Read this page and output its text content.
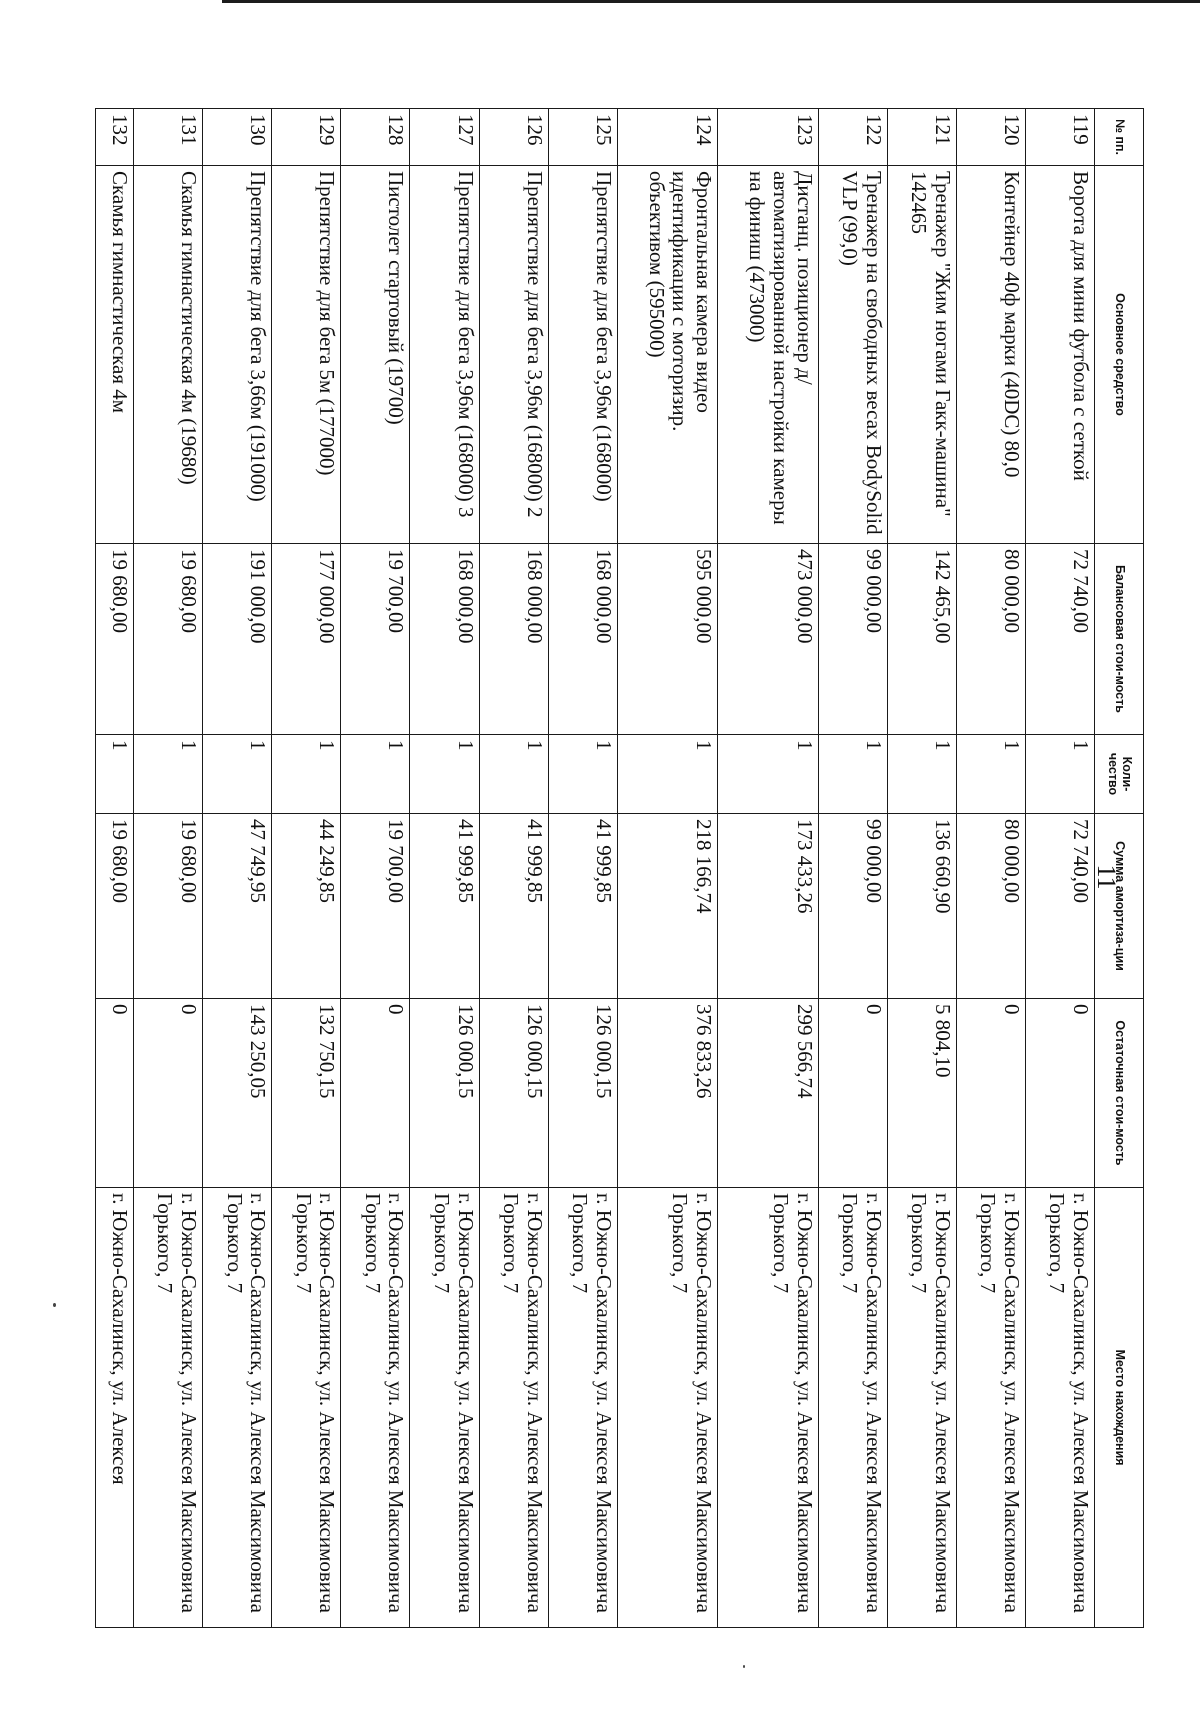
11
№ пп.	Основное средство	Балансовая стои-мость	Коли-чество	Сумма амортиза-ции	Остаточная стои-мость	Место нахождения
119	Ворота для мини футбола с сеткой	72 740,00	1	72 740,00	0	г. Южно-Сахалинск, ул. Алексея Максимовича Горького, 7
120	Контейнер 40ф марки (40DC) 80,0	80 000,00	1	80 000,00	0	г. Южно-Сахалинск, ул. Алексея Максимовича Горького, 7
121	Тренажер "Жим ногами Гакк-машина" 142465	142 465,00	1	136 660,90	5 804,10	г. Южно-Сахалинск, ул. Алексея Максимовича Горького, 7
122	Тренажер на свободных весах BodySolid VLP (99,0)	99 000,00	1	99 000,00	0	г. Южно-Сахалинск, ул. Алексея Максимовича Горького, 7
123	Дистанц. позиционер д/ автоматизированной настройки камеры на финиш (473000)	473 000,00	1	173 433,26	299 566,74	г. Южно-Сахалинск, ул. Алексея Максимовича Горького, 7
124	Фронтальная камера видео идентификации с моторизир. объективом (595000)	595 000,00	1	218 166,74	376 833,26	г. Южно-Сахалинск, ул. Алексея Максимовича Горького, 7
125	Препятствие для бега 3,96м (168000)	168 000,00	1	41 999,85	126 000,15	г. Южно-Сахалинск, ул. Алексея Максимовича Горького, 7
126	Препятствие для бега 3,96м (168000) 2	168 000,00	1	41 999,85	126 000,15	г. Южно-Сахалинск, ул. Алексея Максимовича Горького, 7
127	Препятствие для бега 3,96м (168000) 3	168 000,00	1	41 999,85	126 000,15	г. Южно-Сахалинск, ул. Алексея Максимовича Горького, 7
128	Пистолет стартовый (19700)	19 700,00	1	19 700,00	0	г. Южно-Сахалинск, ул. Алексея Максимовича Горького, 7
129	Препятствие для бега 5м (177000)	177 000,00	1	44 249,85	132 750,15	г. Южно-Сахалинск, ул. Алексея Максимовича Горького, 7
130	Препятствие для бега 3,66м (191000)	191 000,00	1	47 749,95	143 250,05	г. Южно-Сахалинск, ул. Алексея Максимовича Горького, 7
131	Скамья гимнастическая 4м (19680)	19 680,00	1	19 680,00	0	г. Южно-Сахалинск, ул. Алексея Максимовича Горького, 7
132	Скамья гимнастическая 4м	19 680,00	1	19 680,00	0	г. Южно-Сахалинск, ул. Алексея
